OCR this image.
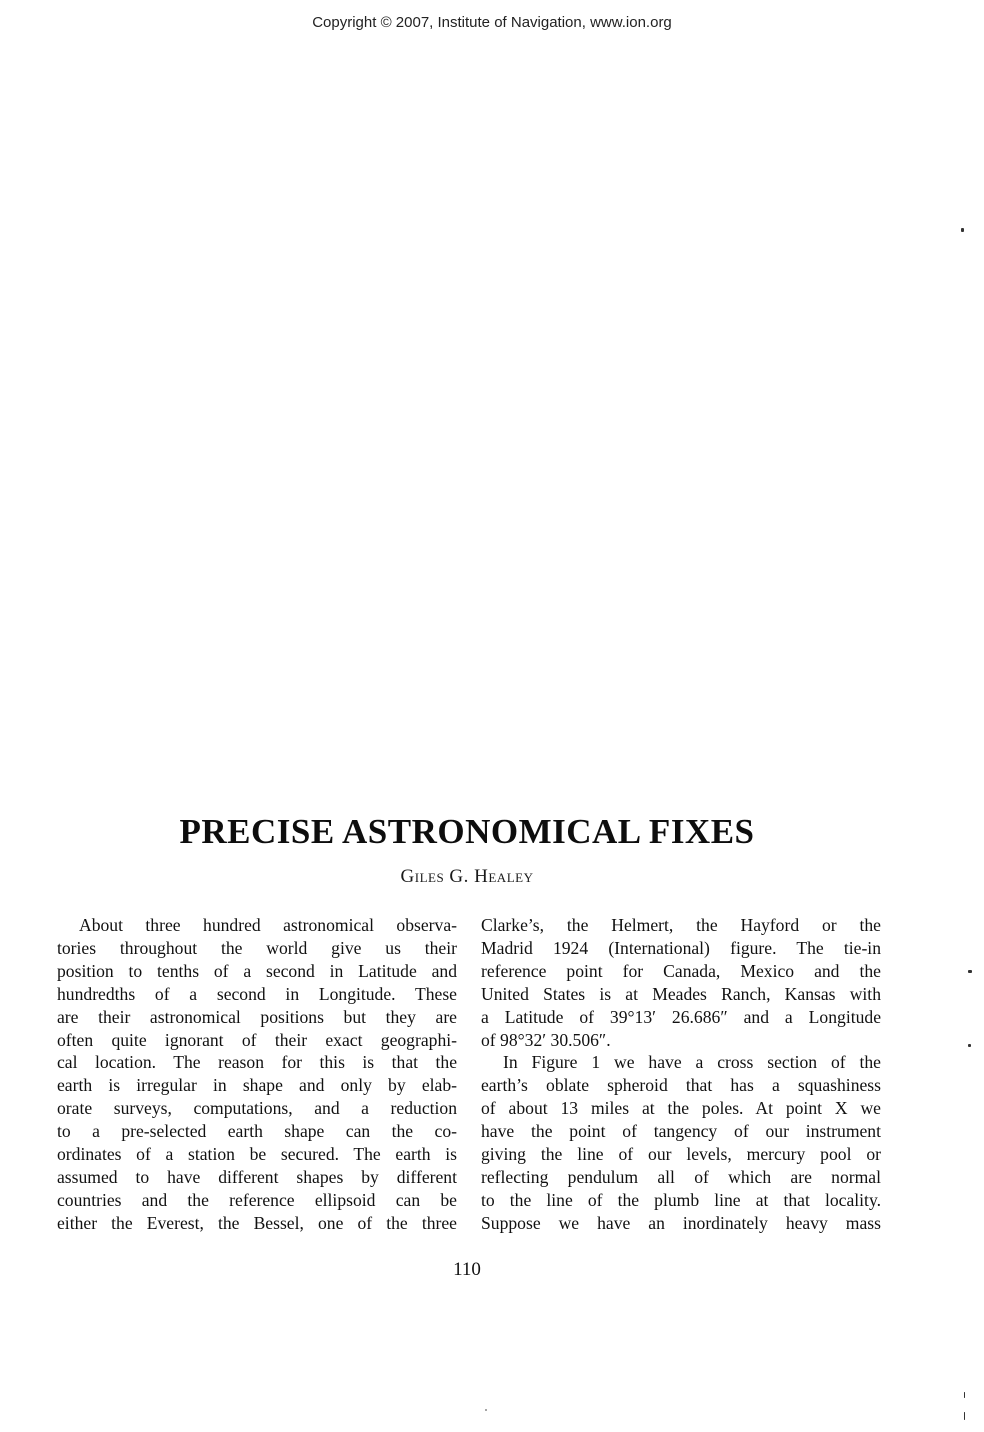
Copyright © 2007, Institute of Navigation, www.ion.org
PRECISE ASTRONOMICAL FIXES
Giles G. Healey
About three hundred astronomical observa-
tories throughout the world give us their
position to tenths of a second in Latitude and
hundredths of a second in Longitude. These
are their astronomical positions but they are
often quite ignorant of their exact geographi-
cal location. The reason for this is that the
earth is irregular in shape and only by elab-
orate surveys, computations, and a reduction
to a pre-selected earth shape can the co-
ordinates of a station be secured. The earth is
assumed to have different shapes by different
countries and the reference ellipsoid can be
either the Everest, the Bessel, one of the three
Clarke’s, the Helmert, the Hayford or the
Madrid 1924 (International) figure. The tie-in
reference point for Canada, Mexico and the
United States is at Meades Ranch, Kansas with
a Latitude of 39°13′ 26.686″ and a Longitude
of 98°32′ 30.506″.
In Figure 1 we have a cross section of the
earth’s oblate spheroid that has a squashiness
of about 13 miles at the poles. At point X we
have the point of tangency of our instrument
giving the line of our levels, mercury pool or
reflecting pendulum all of which are normal
to the line of the plumb line at that locality.
Suppose we have an inordinately heavy mass
110
